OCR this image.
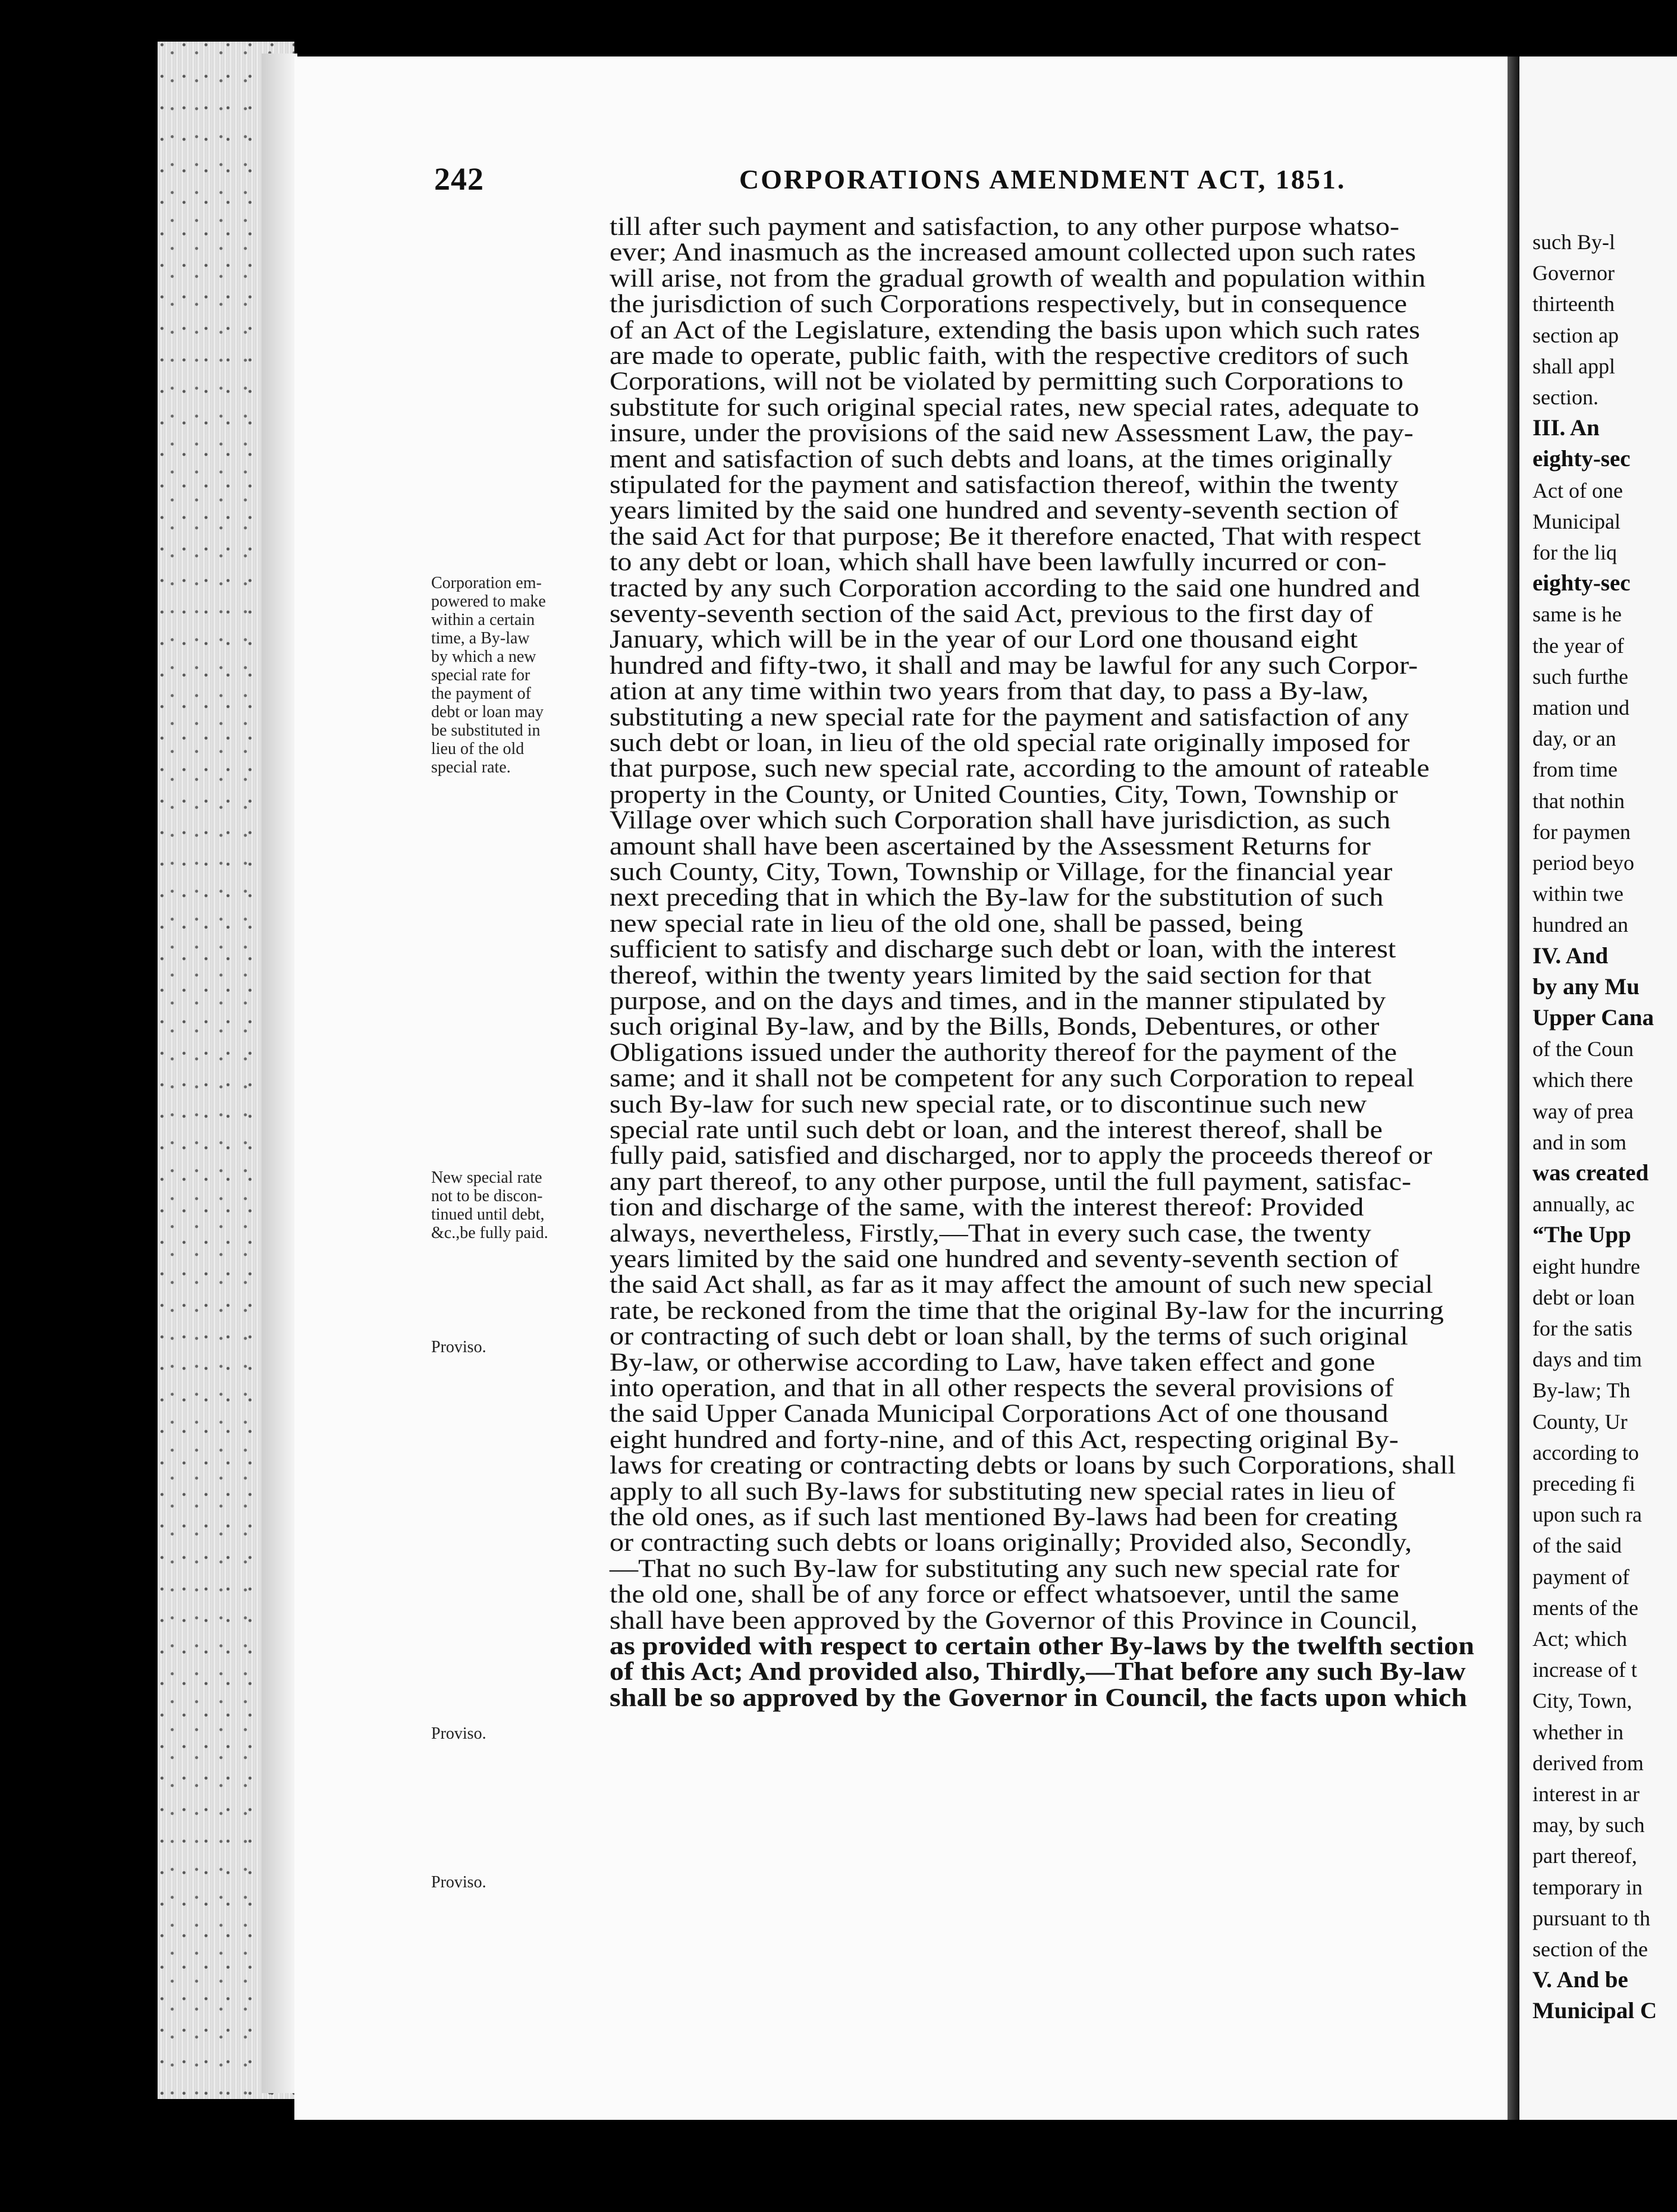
such By-l
Governor
thirteenth
section ap
shall appl
section.
III. An
eighty-sec
Act of one
Municipal
for the liq
eighty-sec
same is he
the year of
such furthe
mation und
day, or an
from time
that nothin
for paymen
period beyo
within twe
hundred an
IV. And
by any Mu
Upper Cana
of the Coun
which there
way of prea
and in som
was created
annually, ac
“The Upp
eight hundre
debt or loan
for the satis
days and tim
By-law; Th
County, Ur
according to
preceding fi
upon such ra
of the said
payment of
ments of the
Act; which
increase of t
City, Town,
whether in
derived from
interest in ar
may, by such
part thereof,
temporary in
pursuant to th
section of the
V. And be
Municipal C
242	CORPORATIONS AMENDMENT ACT, 1851.
till after such payment and satisfaction, to any other purpose whatso-
ever; And inasmuch as the increased amount collected upon such rates
will arise, not from the gradual growth of wealth and population within
the jurisdiction of such Corporations respectively, but in consequence
of an Act of the Legislature, extending the basis upon which such rates
are made to operate, public faith, with the respective creditors of such
Corporations, will not be violated by permitting such Corporations to
substitute for such original special rates, new special rates, adequate to
insure, under the provisions of the said new Assessment Law, the pay-
ment and satisfaction of such debts and loans, at the times originally
stipulated for the payment and satisfaction thereof, within the twenty
years limited by the said one hundred and seventy-seventh section of
the said Act for that purpose; Be it therefore enacted, That with respect
to any debt or loan, which shall have been lawfully incurred or con-
tracted by any such Corporation according to the said one hundred and
seventy-seventh section of the said Act, previous to the first day of
January, which will be in the year of our Lord one thousand eight
hundred and fifty-two, it shall and may be lawful for any such Corpor-
ation at any time within two years from that day, to pass a By-law,
substituting a new special rate for the payment and satisfaction of any
such debt or loan, in lieu of the old special rate originally imposed for
that purpose, such new special rate, according to the amount of rateable
property in the County, or United Counties, City, Town, Township or
Village over which such Corporation shall have jurisdiction, as such
amount shall have been ascertained by the Assessment Returns for
such County, City, Town, Township or Village, for the financial year
next preceding that in which the By-law for the substitution of such
new special rate in lieu of the old one, shall be passed, being
sufficient to satisfy and discharge such debt or loan, with the interest
thereof, within the twenty years limited by the said section for that
purpose, and on the days and times, and in the manner stipulated by
such original By-law, and by the Bills, Bonds, Debentures, or other
Obligations issued under the authority thereof for the payment of the
same; and it shall not be competent for any such Corporation to repeal
such By-law for such new special rate, or to discontinue such new
special rate until such debt or loan, and the interest thereof, shall be
fully paid, satisfied and discharged, nor to apply the proceeds thereof or
any part thereof, to any other purpose, until the full payment, satisfac-
tion and discharge of the same, with the interest thereof: Provided
always, nevertheless, Firstly,—That in every such case, the twenty
years limited by the said one hundred and seventy-seventh section of
the said Act shall, as far as it may affect the amount of such new special
rate, be reckoned from the time that the original By-law for the incurring
or contracting of such debt or loan shall, by the terms of such original
By-law, or otherwise according to Law, have taken effect and gone
into operation, and that in all other respects the several provisions of
the said Upper Canada Municipal Corporations Act of one thousand
eight hundred and forty-nine, and of this Act, respecting original By-
laws for creating or contracting debts or loans by such Corporations, shall
apply to all such By-laws for substituting new special rates in lieu of
the old ones, as if such last mentioned By-laws had been for creating
or contracting such debts or loans originally; Provided also, Secondly,
—That no such By-law for substituting any such new special rate for
the old one, shall be of any force or effect whatsoever, until the same
shall have been approved by the Governor of this Province in Council,
as provided with respect to certain other By-laws by the twelfth section
of this Act; And provided also, Thirdly,—That before any such By-law
shall be so approved by the Governor in Council, the facts upon which
Corporation em-
powered to make
within a certain
time, a By-law
by which a new
special rate for
the payment of
debt or loan may
be substituted in
lieu of the old
special rate.
New special rate
not to be discon-
tinued until debt,
&c.,be fully paid.
Proviso.
Proviso.
Proviso.
